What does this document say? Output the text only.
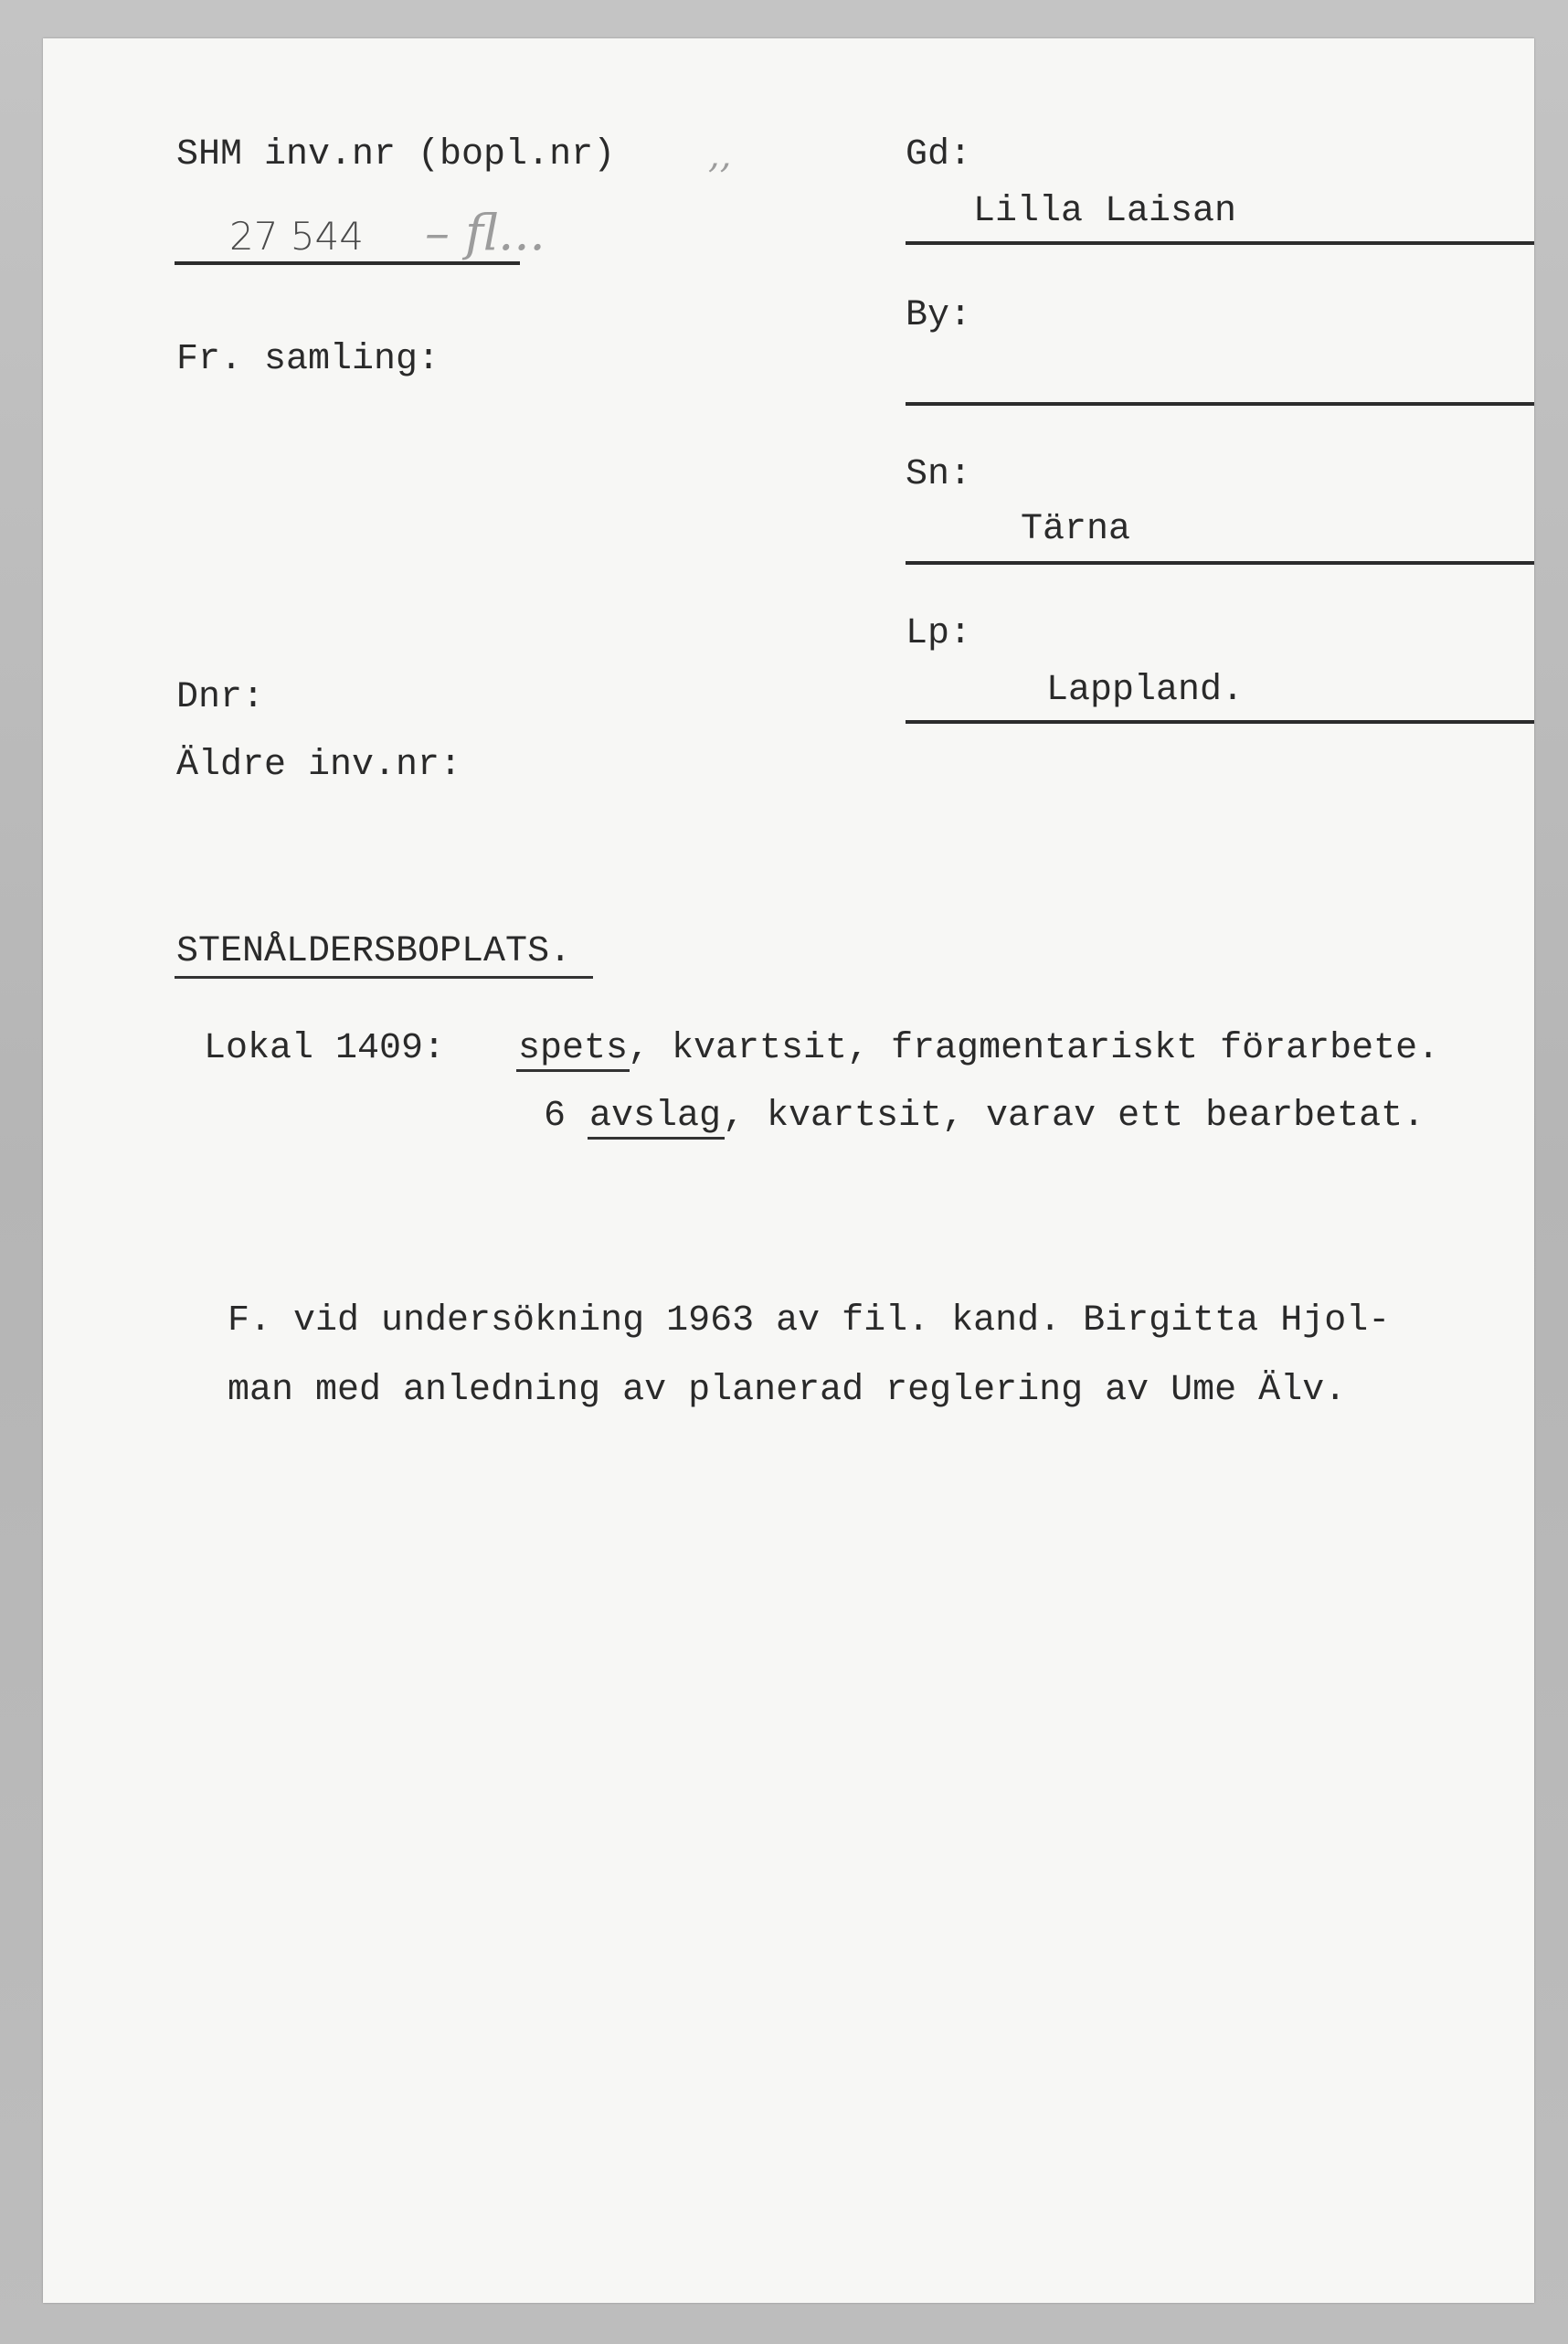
SHM inv.nr (bopl.nr)	,,
27 544 – fl...
Fr. samling:
Dnr:
Äldre inv.nr:
Gd:
Lilla Laisan
By:
Sn:
Tärna
Lp:
Lappland.
STENÅLDERSBOPLATS.
Lokal 1409: spets , kvartsit, fragmentariskt förarbete.
6 avslag , kvartsit, varav ett bearbetat.
F. vid undersökning 1963 av fil. kand. Birgitta Hjol-
man med anledning av planerad reglering av Ume Älv.
